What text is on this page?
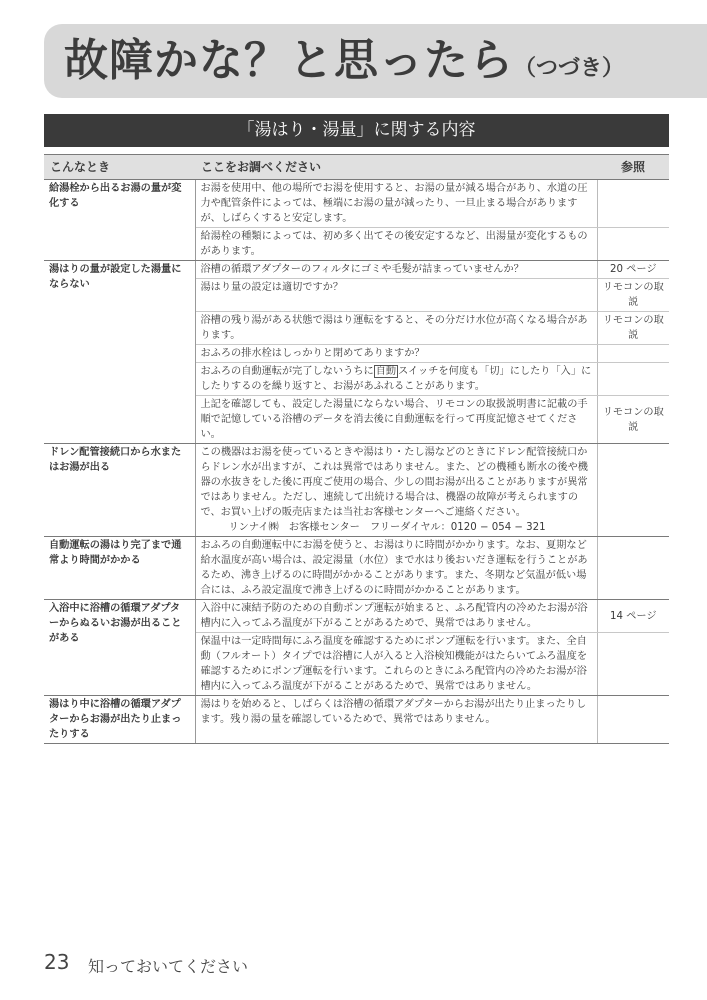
故障かな？と思ったら（つづき）
「湯はり・湯量」に関する内容
こんなとき	ここをお調べください	参照
給湯栓から出るお湯の量が変化する	お湯を使用中、他の場所でお湯を使用すると、お湯の量が減る場合があり、水道の圧力や配管条件によっては、極端にお湯の量が減ったり、一旦止まる場合がありますが、しばらくすると安定します。	
	給湯栓の種類によっては、初め多く出てその後安定するなど、出湯量が変化するものがあります。	
湯はりの量が設定した湯量にならない	浴槽の循環アダプターのフィルタにゴミや毛髪が詰まっていませんか？	20 ページ
	湯はり量の設定は適切ですか？	リモコンの取説
	浴槽の残り湯がある状態で湯はり運転をすると、その分だけ水位が高くなる場合があります。	リモコンの取説
	おふろの排水栓はしっかりと閉めてありますか？	
	おふろの自動運転が完了しないうちに 自動 スイッチを何度も「切」にしたり「入」にしたりするのを繰り返すと、お湯があふれることがあります。	
	上記を確認しても、設定した湯量にならない場合、リモコンの取扱説明書に記載の手順で記憶している浴槽のデータを消去後に自動運転を行って再度記憶させてください。	リモコンの取説
ドレン配管接続口から水またはお湯が出る	この機器はお湯を使っているときや湯はり・たし湯などのときにドレン配管接続口からドレン水が出ますが、これは異常ではありません。また、どの機種も断水の後や機器の水抜きをした後に再度ご使用の場合、少しの間お湯が出ることがありますが異常ではありません。ただし、連続して出続ける場合は、機器の故障が考えられますので、お買い上げの販売店または当社お客様センターへご連絡ください。
リンナイ㈱　お客様センター　フリーダイヤル：0120 − 054 − 321	

自動運転の湯はり完了まで通常より時間がかかる	おふろの自動運転中にお湯を使うと、お湯はりに時間がかかります。なお、夏期など給水温度が高い場合は、設定湯量（水位）まで水はり後おいだき運転を行うことがあるため、沸き上げるのに時間がかかることがあります。また、冬期など気温が低い場合には、ふろ設定温度で沸き上げるのに時間がかかることがあります。	
入浴中に浴槽の循環アダプターからぬるいお湯が出ることがある	入浴中に凍結予防のための自動ポンプ運転が始まると、ふろ配管内の冷めたお湯が浴槽内に入ってふろ温度が下がることがあるためで、異常ではありません。	14 ページ
	保温中は一定時間毎にふろ温度を確認するためにポンプ運転を行います。また、全自動（フルオート）タイプでは浴槽に人が入ると入浴検知機能がはたらいてふろ温度を確認するためにポンプ運転を行います。これらのときにふろ配管内の冷めたお湯が浴槽内に入ってふろ温度が下がることがあるためで、異常ではありません。	
湯はり中に浴槽の循環アダプターからお湯が出たり止まったりする	湯はりを始めると、しばらくは浴槽の循環アダプターからお湯が出たり止まったりします。残り湯の量を確認しているためで、異常ではありません。	
23 知っておいてください
